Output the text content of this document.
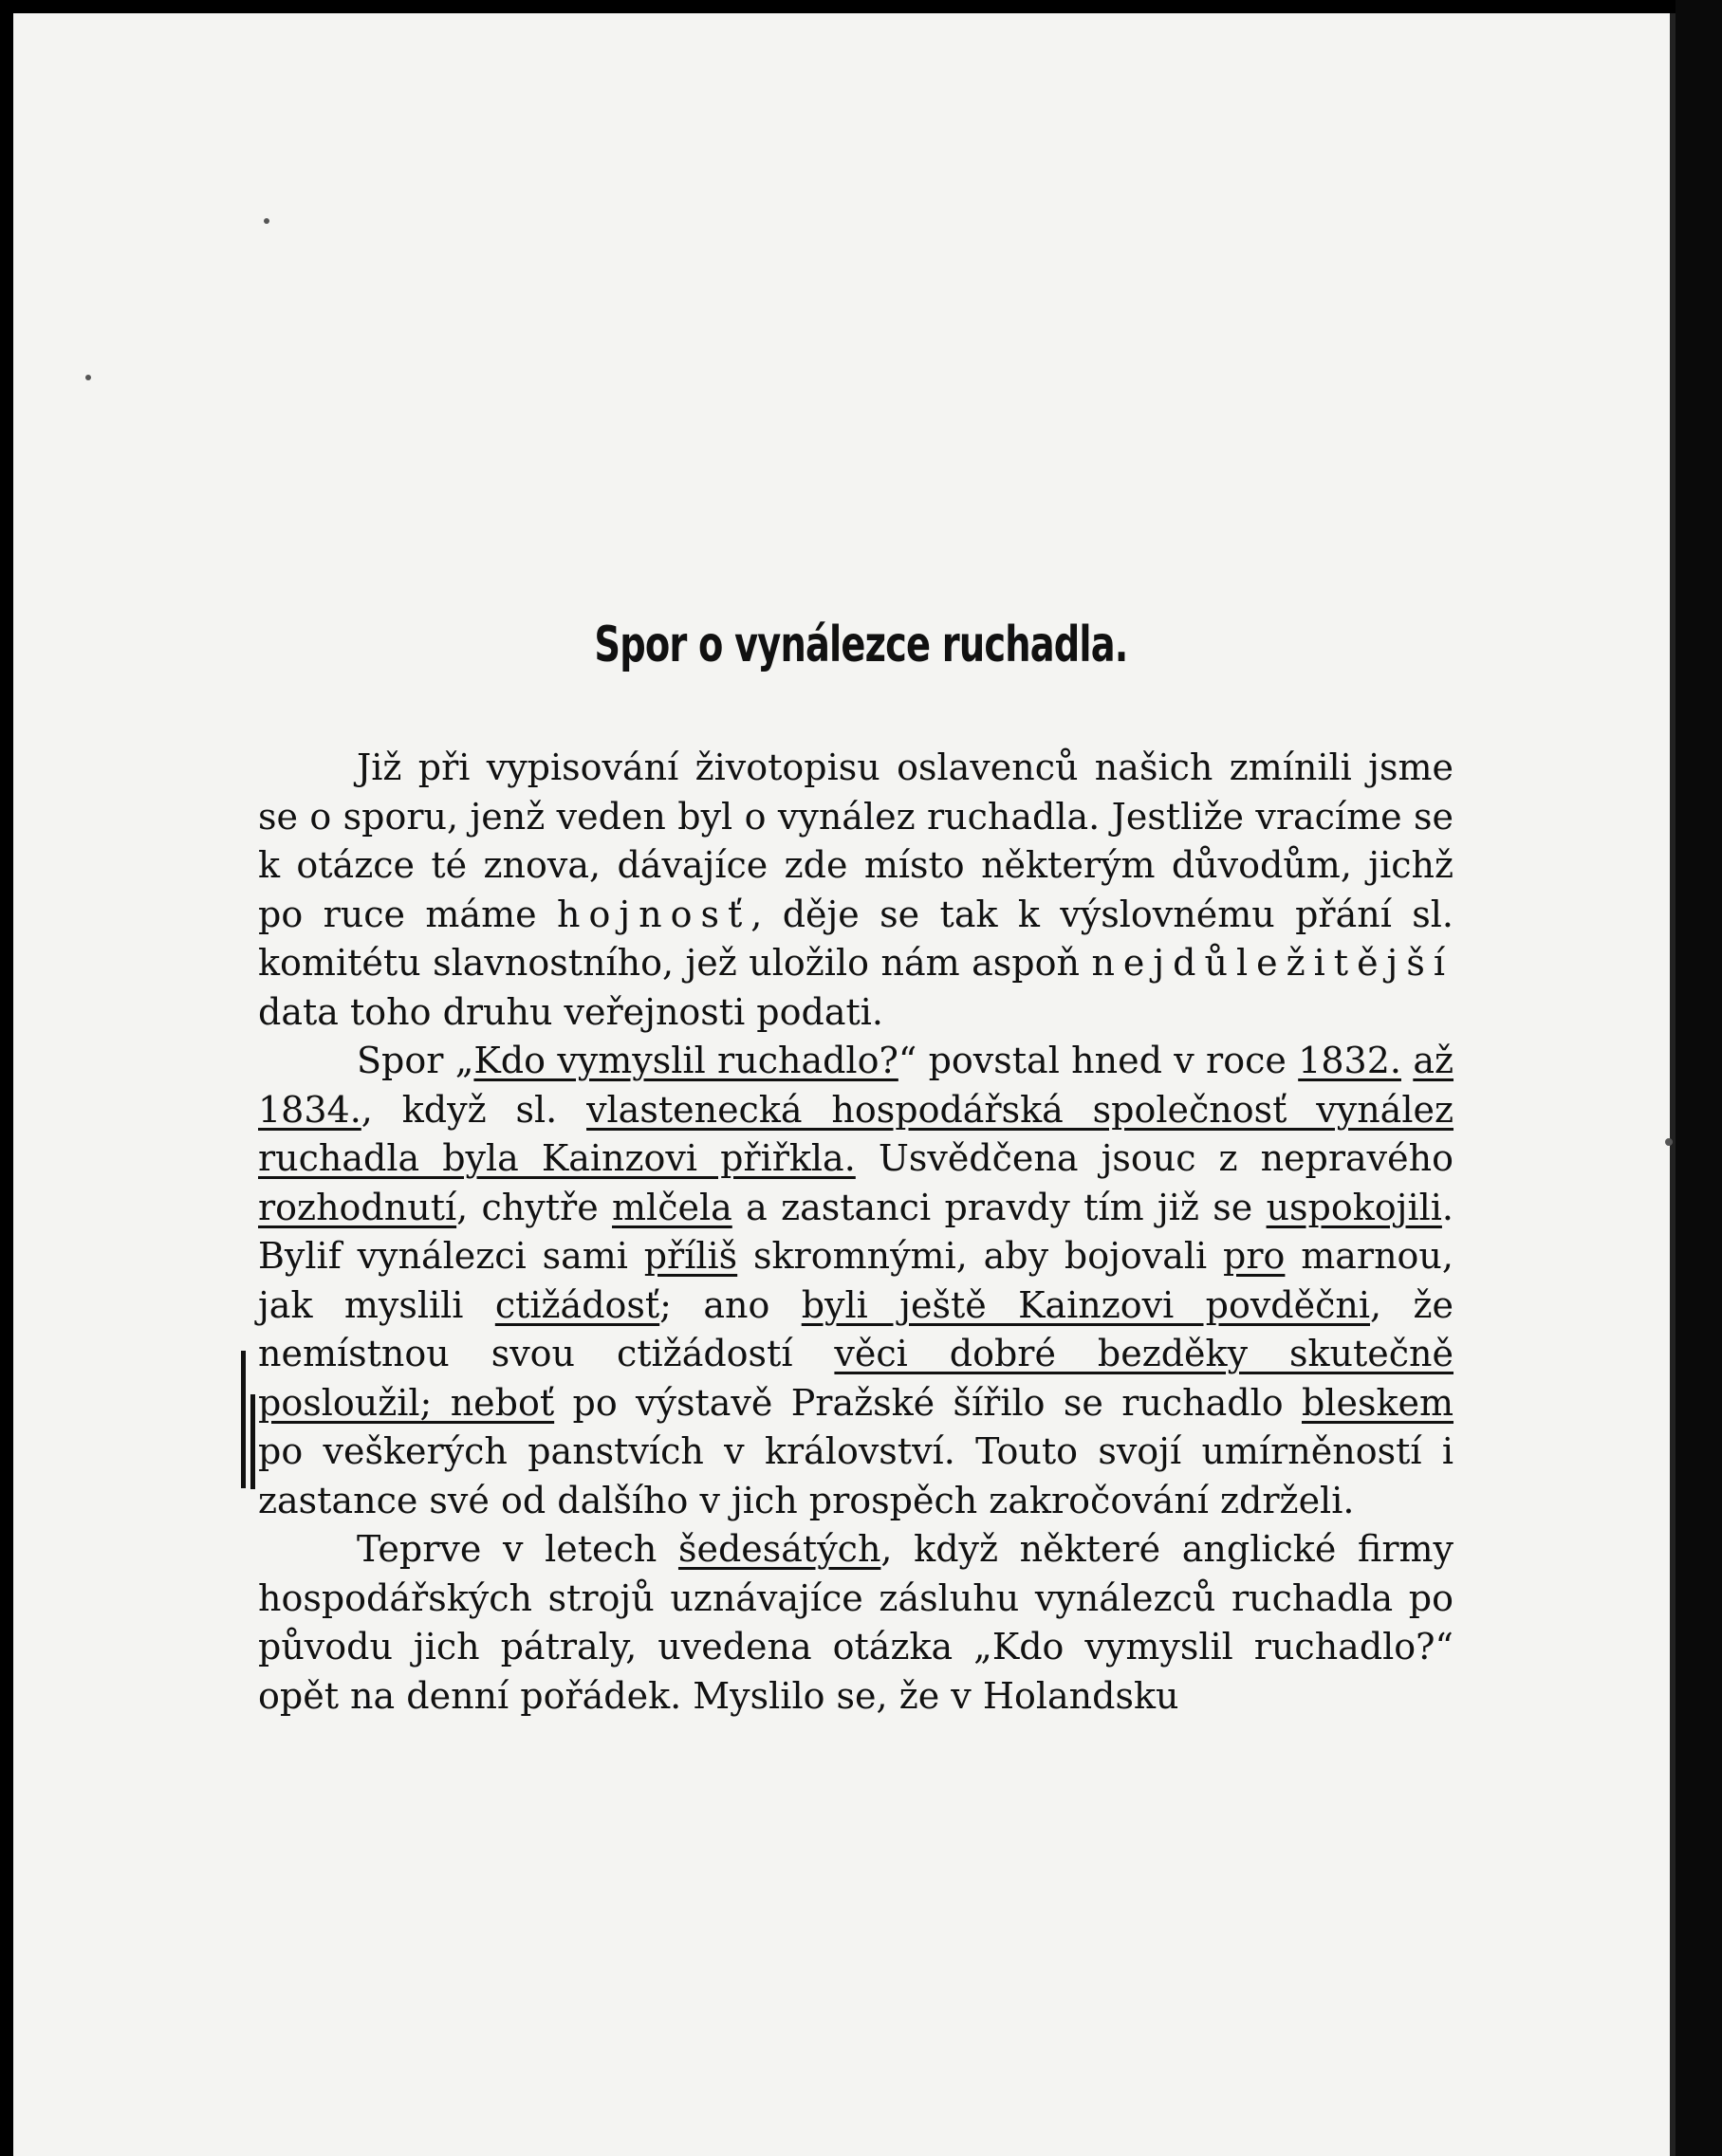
Spor o vynálezce ruchadla.

Již při vypisování životopisu oslavenců našich zmínili jsme se o sporu, jenž veden byl o vynález ruchadla. Jestliže vracíme se k otázce té znova, dávajíce zde místo některým důvodům, jichž po ruce máme hojnosť, děje se tak k výslovnému přání sl. komitétu slavnostního, jež uložilo nám aspoň nejdůležitější data toho druhu veřejnosti podati.

Spor „Kdo vymyslil ruchadlo?“ povstal hned v roce 1832. až 1834., když sl. vlastenecká hospodářská společnosť vynález ruchadla byla Kainzovi přiřkla. Usvědčena jsouc z nepravého rozhodnutí, chytře mlčela a zastanci pravdy tím již se uspokojili. Bylif vynálezci sami příliš skromnými, aby bojovali pro marnou, jak myslili ctižádosť; ano byli ještě Kainzovi povděčni, že nemístnou svou ctižádostí věci dobré bezděky skutečně posloužil; neboť po výstavě Pražské šířilo se ruchadlo bleskem po veškerých panstvích v království. Touto svojí umírněností i zastance své od dalšího v jich prospěch zakročování zdrželi.

Teprve v letech šedesátých, když některé anglické firmy hospodářských strojů uznávajíce zásluhu vynálezců ruchadla po původu jich pátraly, uvedena otázka „Kdo vymyslil ruchadlo?“ opět na denní pořádek. Myslilo se, že v Holandsku
